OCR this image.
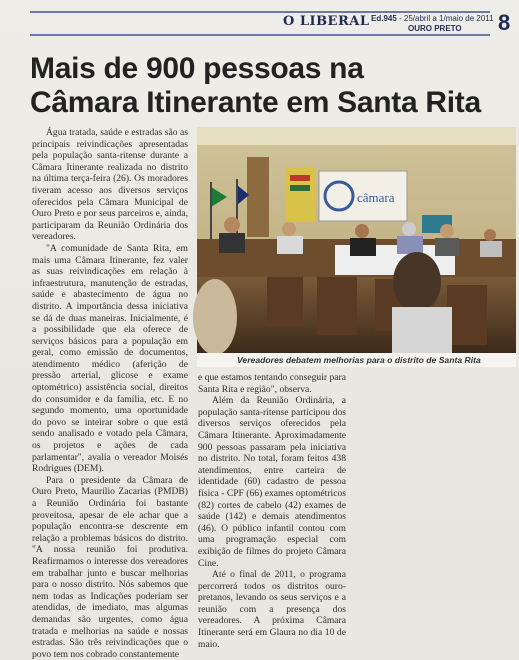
O LIBERAL Ed.945 - 25/abril a 1/maio de 2011
OURO PRETO 8
Mais de 900 pessoas na
Câmara Itinerante em Santa Rita

Água tratada, saúde e estradas são as principais reivindicações apresentadas pela população santa-ritense durante a Câmara Itinerante realizada no distrito na última terça-feira (26). Os moradores tiveram acesso aos diversos serviços oferecidos pela Câmara Municipal de Ouro Preto e por seus parceiros e, ainda, participaram da Reunião Ordinária dos vereadores.

"A comunidade de Santa Rita, em mais uma Câmara Itinerante, fez valer as suas reivindicações em relação à infraestrutura, manutenção de estradas, saúde e abastecimento de água no distrito. A importância dessa iniciativa se dá de duas maneiras. Inicialmente, é a possibilidade que ela oferece de serviços básicos para a população em geral, como emissão de documentos, atendimento médico (aferição de pressão arterial, glicose e exame optométrico) assistência social, direitos do consumidor e da família, etc. E no segundo momento, uma oportunidade do povo se inteirar sobre o que está sendo analisado e votado pela Câmara, os projetos e ações de cada parlamentar", avalia o vereador Moisés Rodrigues (DEM).

Para o presidente da Câmara de Ouro Preto, Maurílio Zacarias (PMDB) a Reunião Ordinária foi bastante proveitosa, apesar de ele achar que a população encontra-se descrente em relação a problemas básicos do distrito. "A nossa reunião foi produtiva. Reafirmamos o interesse dos vereadores em trabalhar junto e buscar melhorias para o nosso distrito. Nós sabemos que nem todas as Indicações poderiam ser atendidas, de imediato, mas algumas demandas são urgentes, como água tratada e melhorias na saúde e nossas estradas. São três reivindicações que o povo tem nos cobrado constantemente

câmara
Vereadores debatem melhorias para o distrito de Santa Rita

e que estamos tentando conseguir para Santa Rita e região", observa.

Além da Reunião Ordinária, a população santa-ritense participou dos diversos serviços oferecidos pela Câmara Itinerante. Aproximadamente 900 pessoas passaram pela iniciativa no distrito. No total, foram feitos 438 atendimentos, entre carteira de identidade (60) cadastro de pessoa física - CPF (66) exames optométricos (82) cortes de cabelo (42) exames de saúde (142) e demais atendimentos (46). O público infantil contou com uma programação especial com exibição de filmes do projeto Câmara Cine.

Até o final de 2011, o programa percorrerá todos os distritos ouro-pretanos, levando os seus serviços e a reunião com a presença dos vereadores. A próxima Câmara Itinerante será em Glaura no dia 10 de maio.
